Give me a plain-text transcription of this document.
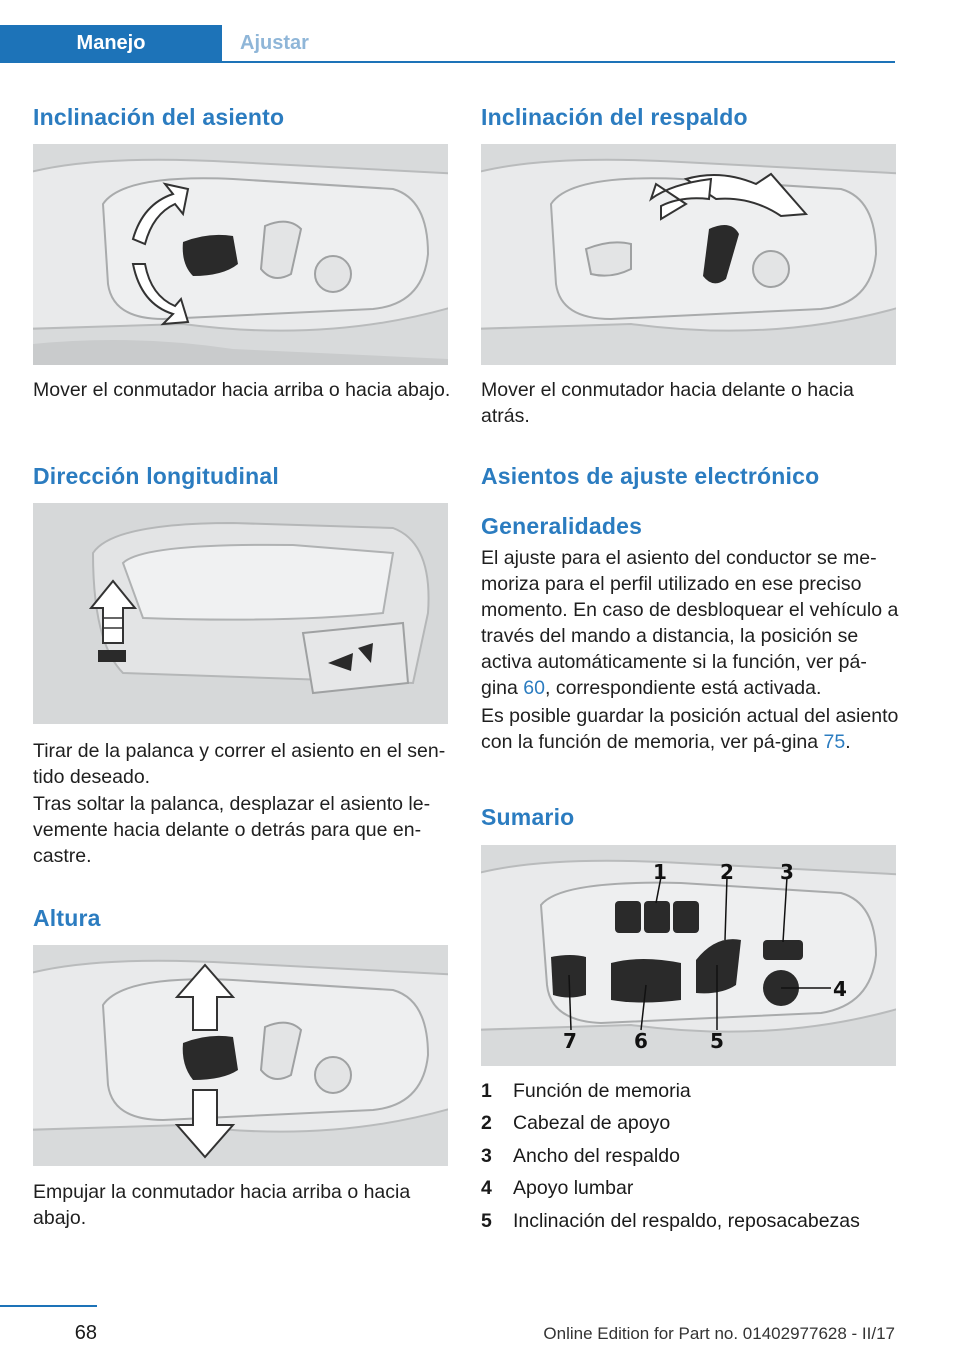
Manejo	Ajustar
Inclinación del asiento

Mover el conmutador hacia arriba o hacia abajo.

Dirección longitudinal

Tirar de la palanca y correr el asiento en el sen-tido deseado.

Tras soltar la palanca, desplazar el asiento le-vemente hacia delante o detrás para que en-castre.

Altura

Empujar la conmutador hacia arriba o hacia abajo.

Inclinación del respaldo

Mover el conmutador hacia delante o hacia atrás.

Asientos de ajuste electrónico
Generalidades

El ajuste para el asiento del conductor se me-moriza para el perfil utilizado en ese preciso momento. En caso de desbloquear el vehículo a través del mando a distancia, la posición se activa automáticamente si la función, ver pá-gina 60, correspondiente está activada.

Es posible guardar la posición actual del asiento con la función de memoria, ver pá-gina 75.

Sumario
1	2 3
4
5
6
7
1	Función de memoria
2	Cabezal de apoyo
3	Ancho del respaldo
4	Apoyo lumbar
5	Inclinación del respaldo, reposacabezas
68	Online Edition for Part no. 01402977628 - II/17
